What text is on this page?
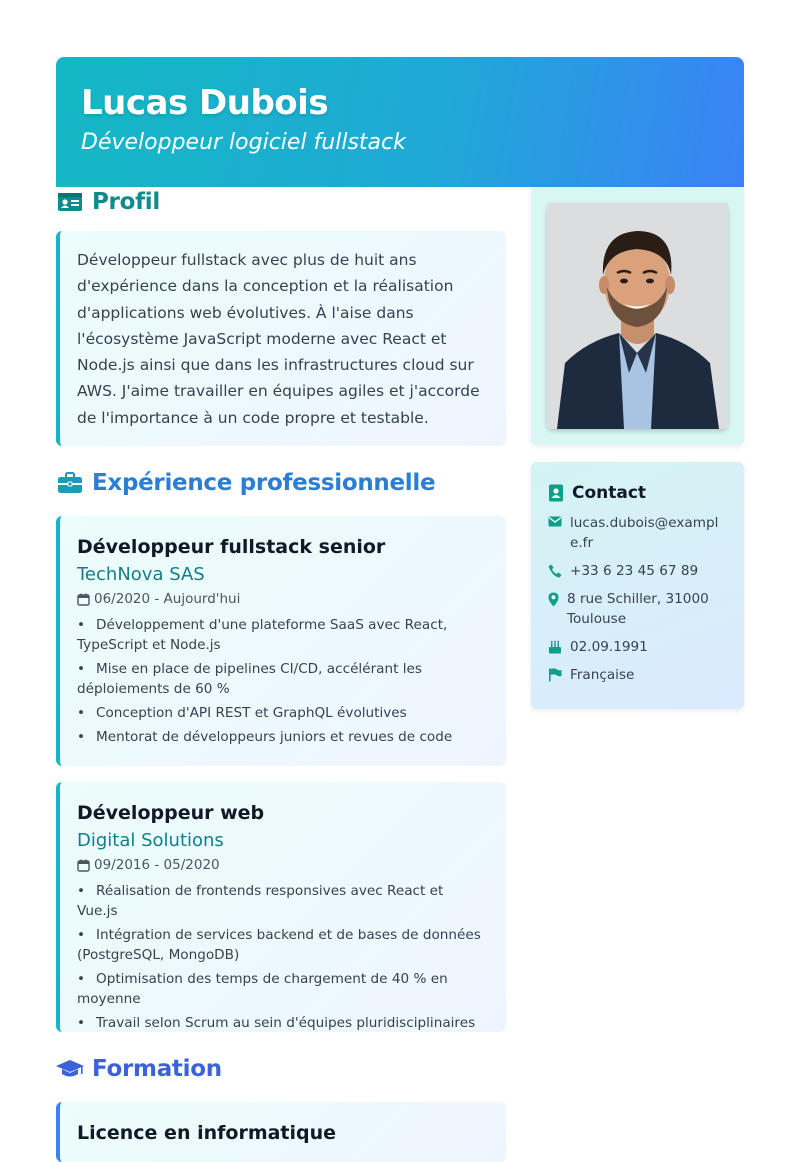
Lucas Dubois
Développeur logiciel fullstack
Profil

Développeur fullstack avec plus de huit ans d'expérience dans la conception et la réalisation d'applications web évolutives. À l'aise dans l'écosystème JavaScript moderne avec React et Node.js ainsi que dans les infrastructures cloud sur AWS. J'aime travailler en équipes agiles et j'accorde de l'importance à un code propre et testable.

Expérience professionnelle
Développeur fullstack senior
TechNova SAS
06/2020 - Aujourd'hui
• Développement d'une plateforme SaaS avec React, TypeScript et Node.js
• Mise en place de pipelines CI/CD, accélérant les déploiements de 60 %
• Conception d'API REST et GraphQL évolutives
• Mentorat de développeurs juniors et revues de code
Développeur web
Digital Solutions
09/2016 - 05/2020
• Réalisation de frontends responsives avec React et Vue.js
• Intégration de services backend et de bases de données (PostgreSQL, MongoDB)
• Optimisation des temps de chargement de 40 % en moyenne
• Travail selon Scrum au sein d'équipes pluridisciplinaires
Formation
Licence en informatique
Contact
lucas.dubois@example.fr
+33 6 23 45 67 89
8 rue Schiller, 31000 Toulouse
02.09.1991
Française
